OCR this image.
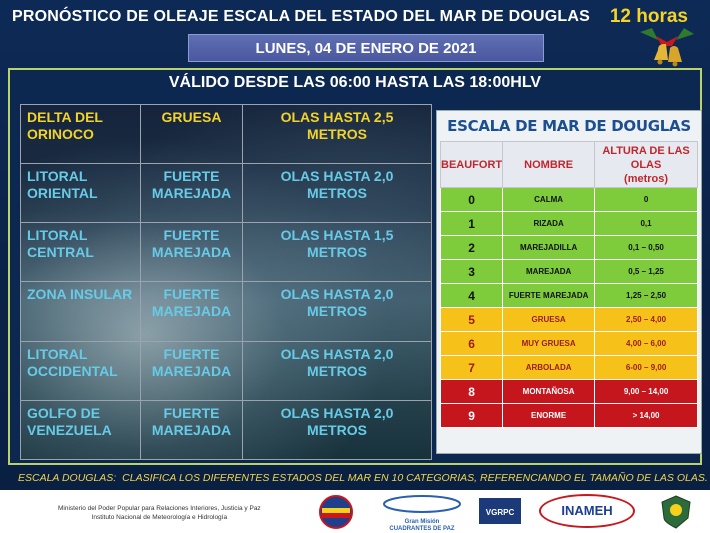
PRONÓSTICO DE OLEAJE ESCALA DEL ESTADO DEL MAR DE DOUGLAS 12 horas
LUNES, 04 DE ENERO DE 2021
VÁLIDO DESDE LAS 06:00 HASTA LAS 18:00HLV
DELTA DEL ORINOCO	GRUESA	OLAS HASTA 2,5 METROS
LITORAL ORIENTAL	FUERTE MAREJADA	OLAS HASTA 2,0 METROS
LITORAL CENTRAL	FUERTE MAREJADA	OLAS HASTA 1,5 METROS
ZONA INSULAR	FUERTE MAREJADA	OLAS HASTA 2,0 METROS
LITORAL OCCIDENTAL	FUERTE MAREJADA	OLAS HASTA 2,0 METROS
GOLFO DE VENEZUELA	FUERTE MAREJADA	OLAS HASTA 2,0 METROS
ESCALA DE MAR DE DOUGLAS
BEAUFORT	NOMBRE	ALTURA DE LAS OLAS
(metros)
0	CALMA	0
1	RIZADA	0,1
2	MAREJADILLA	0,1 – 0,50
3	MAREJADA	0,5 – 1,25
4	FUERTE MAREJADA	1,25 – 2,50
5	GRUESA	2,50 – 4,00
6	MUY GRUESA	4,00 – 6,00
7	ARBOLADA	6-00 – 9,00
8	MONTAÑOSA	9,00 – 14,00
9	ENORME	> 14,00
ESCALA DOUGLAS: CLASIFICA LOS DIFERENTES ESTADOS DEL MAR EN 10 CATEGORIAS, REFERENCIANDO EL TAMAÑO DE LAS OLAS.
Ministerio del Poder Popular para Relaciones Interiores, Justicia y Paz
Instituto Nacional de Meteorología e Hidrología
Gran Misión
CUADRANTES DE PAZ
VGRPC	INAMEH
